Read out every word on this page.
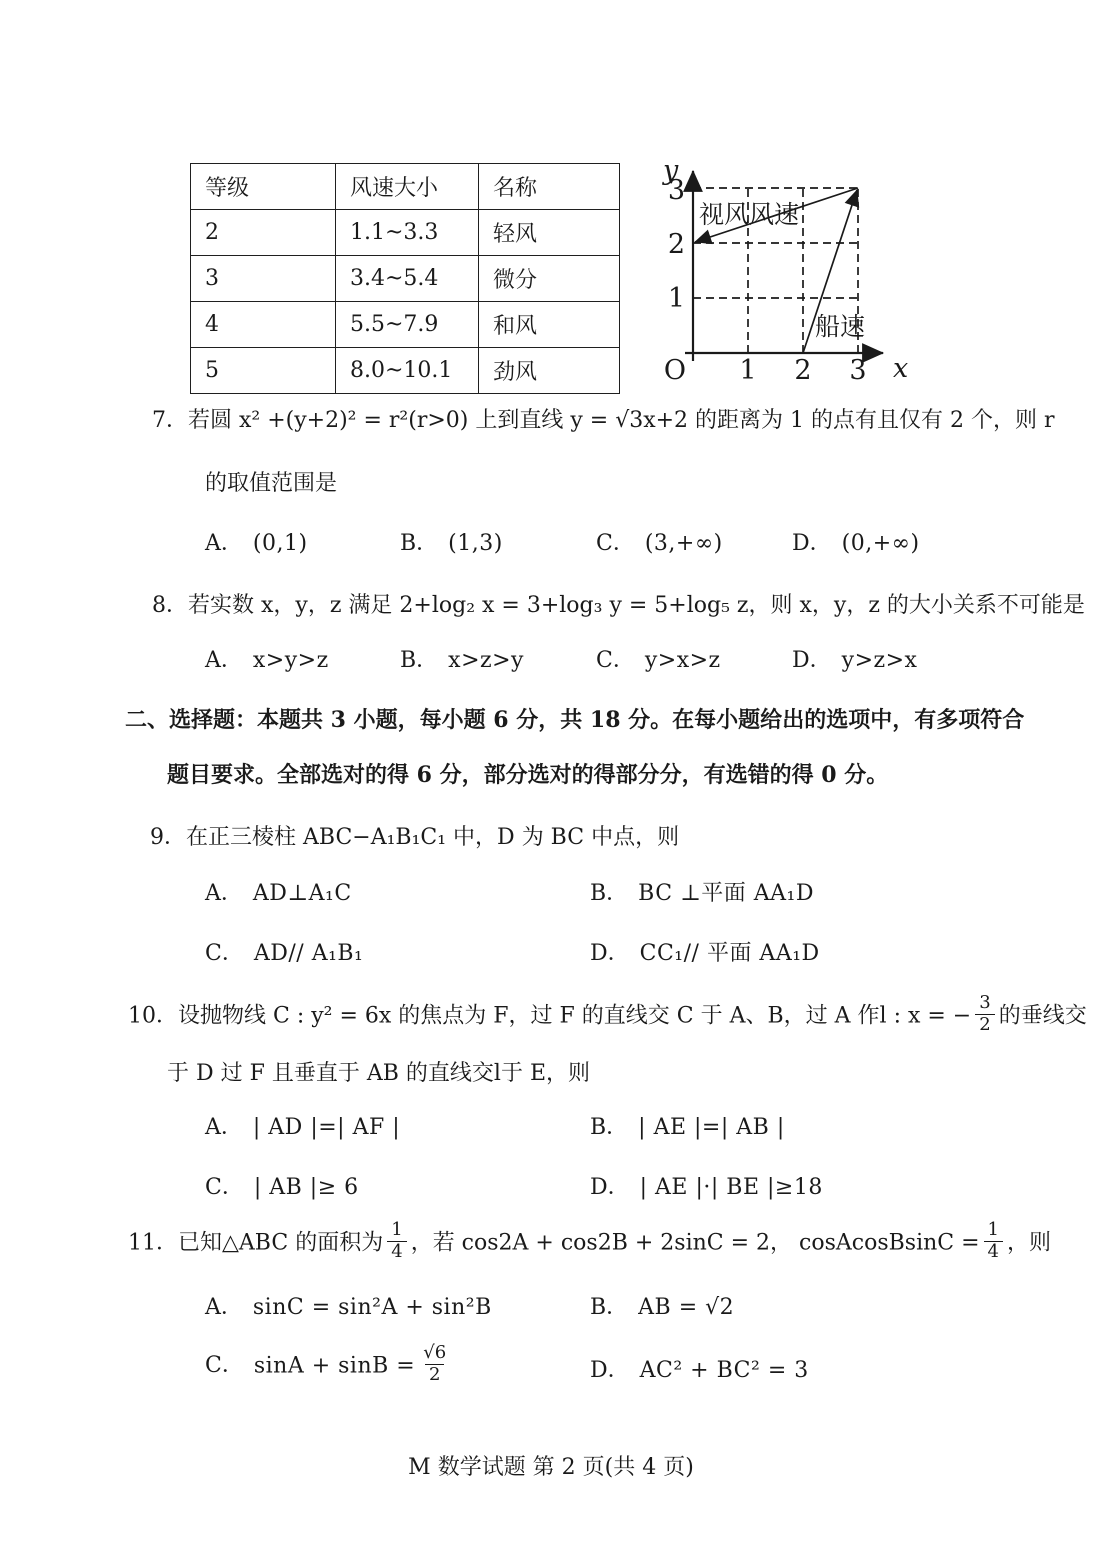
等级	风速大小	名称
2	1.1~3.3	轻风
3	3.4~5.4	微分
4	5.5~7.9	和风
5	8.0~10.1	劲风
y
x
O
3
2
1
1 2 3
视风风速
船速
7．若圆 x² +(y+2)² = r²(r>0) 上到直线 y = √3x+2 的距离为 1 的点有且仅有 2 个，则 r
的取值范围是
A． (0,1)	B． (1,3)	C． (3,+∞)	D． (0,+∞)
8．若实数 x，y，z 满足 2+log₂ x = 3+log₃ y = 5+log₅ z，则 x，y，z 的大小关系不可能是
A． x>y>z	B． x>z>y	C． y>x>z	D． y>z>x
二、选择题：本题共 3 小题，每小题 6 分，共 18 分。在每小题给出的选项中，有多项符合
题目要求。全部选对的得 6 分，部分选对的得部分分，有选错的得 0 分。
9．在正三棱柱 ABC−A₁B₁C₁ 中，D 为 BC 中点，则
A． AD⊥A₁C	B． BC ⊥平面 AA₁D
C． AD// A₁B₁	D． CC₁// 平面 AA₁D
10．设抛物线 C : y² = 6x 的焦点为 F，过 F 的直线交 C 于 A、B，过 A 作l : x = − $\frac{3}{2}$ 的垂线交
于 D 过 F 且垂直于 AB 的直线交l于 E，则
A． | AD |=| AF |	B． | AE |=| AB |
C． | AB |≥ 6	D． | AE |·| BE |≥18
11．已知△ABC 的面积为 $\frac{1}{4}$ ，若 cos2A + cos2B + 2sinC = 2， cosAcosBsinC = $\frac{1}{4}$ ，则
A． sinC = sin²A + sin²B	B． AB = √2
C． $\sin A + \sin B = \frac{√6}{2}$	D． AC² + BC² = 3
M 数学试题 第 2 页(共 4 页)
